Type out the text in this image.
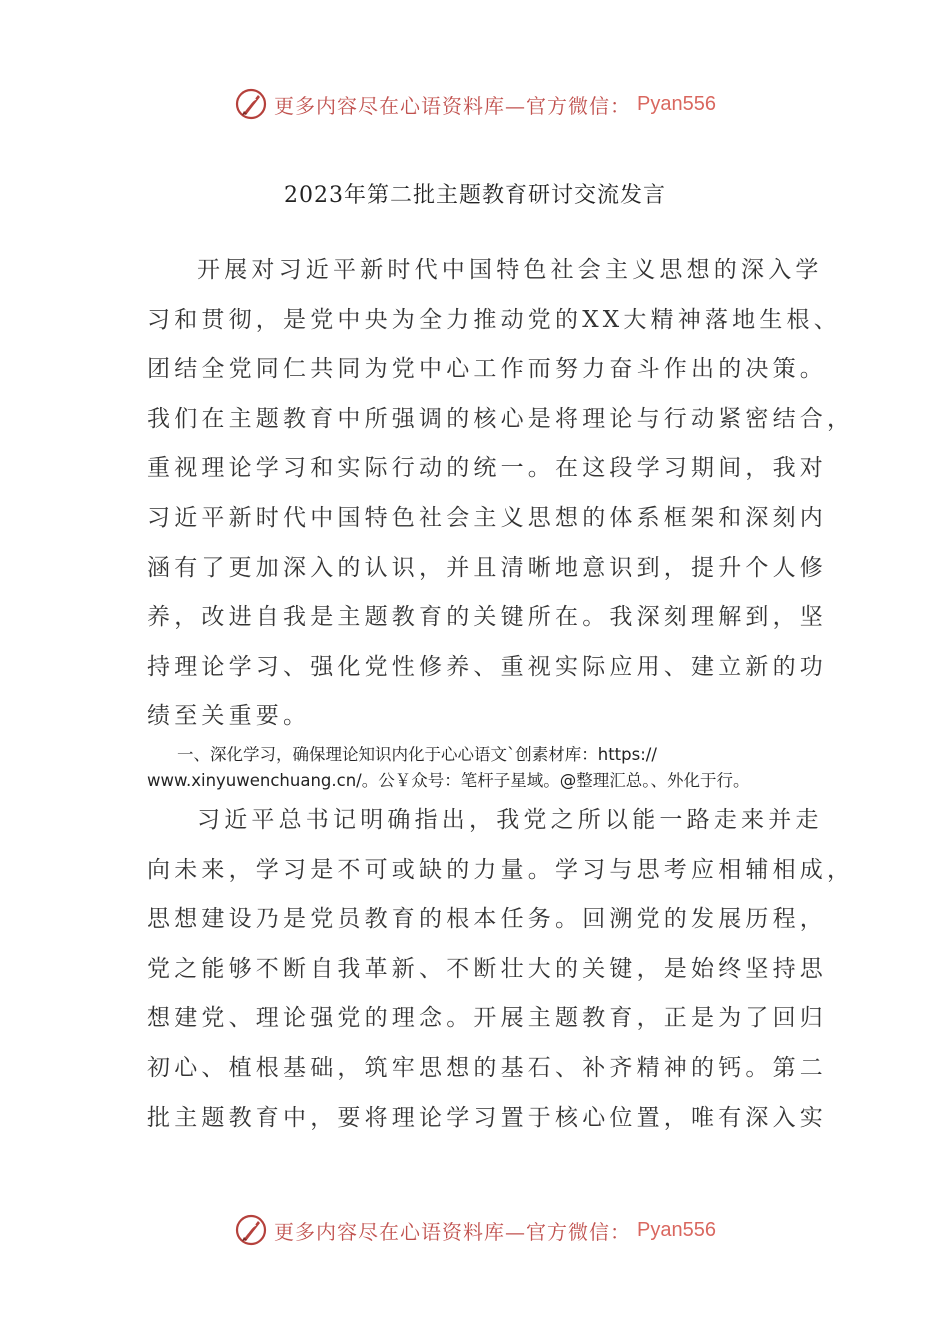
更多内容尽在心语资料库—官方微信： Pyan556
2023年第二批主题教育研讨交流发言

开展对习近平新时代中国特色社会主义思想的深入学
习和贯彻，是党中央为全力推动党的XX大精神落地生根、
团结全党同仁共同为党中心工作而努力奋斗作出的决策。
我们在主题教育中所强调的核心是将理论与行动紧密结合，
重视理论学习和实际行动的统一。在这段学习期间，我对
习近平新时代中国特色社会主义思想的体系框架和深刻内
涵有了更加深入的认识，并且清晰地意识到，提升个人修
养，改进自我是主题教育的关键所在。我深刻理解到，坚
持理论学习、强化党性修养、重视实际应用、建立新的功
绩至关重要。

一、深化学习，确保理论知识内化于心心语文`创素材库：https://
www.xinyuwenchuang.cn/。公￥众号：笔杆子星域。@整理汇总。、外化于行。

习近平总书记明确指出，我党之所以能一路走来并走
向未来，学习是不可或缺的力量。学习与思考应相辅相成，
思想建设乃是党员教育的根本任务。回溯党的发展历程，
党之能够不断自我革新、不断壮大的关键，是始终坚持思
想建党、理论强党的理念。开展主题教育，正是为了回归
初心、植根基础，筑牢思想的基石、补齐精神的钙。第二
批主题教育中，要将理论学习置于核心位置，唯有深入实

更多内容尽在心语资料库—官方微信： Pyan556
